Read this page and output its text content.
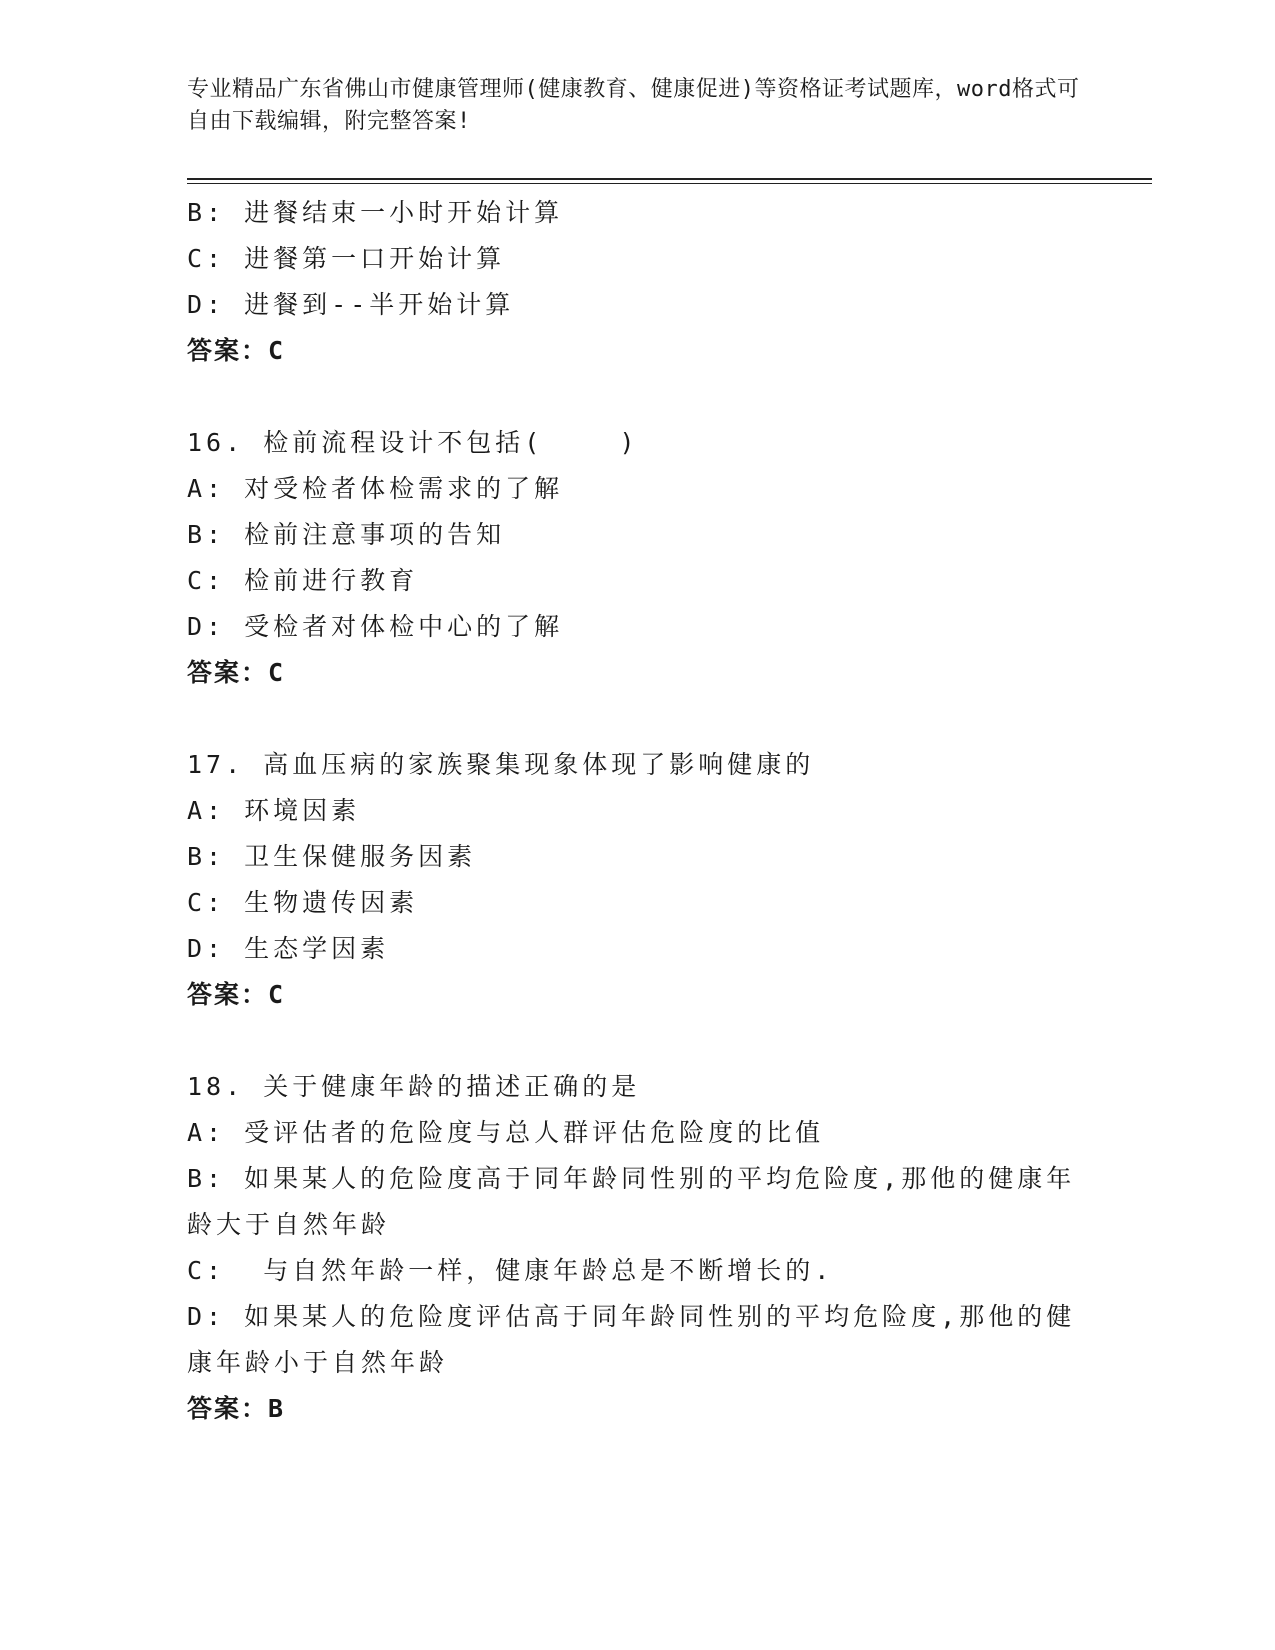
专业精品广东省佛山市健康管理师(健康教育、健康促进)等资格证考试题库，word格式可自由下载编辑，附完整答案!
B: 进餐结束一小时开始计算
C: 进餐第一口开始计算
D: 进餐到--半开始计算
答案：C
16. 检前流程设计不包括(    )
A: 对受检者体检需求的了解
B: 检前注意事项的告知
C: 检前进行教育
D: 受检者对体检中心的了解
答案：C
17. 高血压病的家族聚集现象体现了影响健康的
A: 环境因素
B: 卫生保健服务因素
C: 生物遗传因素
D: 生态学因素
答案：C
18. 关于健康年龄的描述正确的是
A: 受评估者的危险度与总人群评估危险度的比值
B: 如果某人的危险度高于同年龄同性别的平均危险度,那他的健康年龄大于自然年龄
C:  与自然年龄一样，健康年龄总是不断增长的.
D: 如果某人的危险度评估高于同年龄同性别的平均危险度,那他的健康年龄小于自然年龄
答案：B
